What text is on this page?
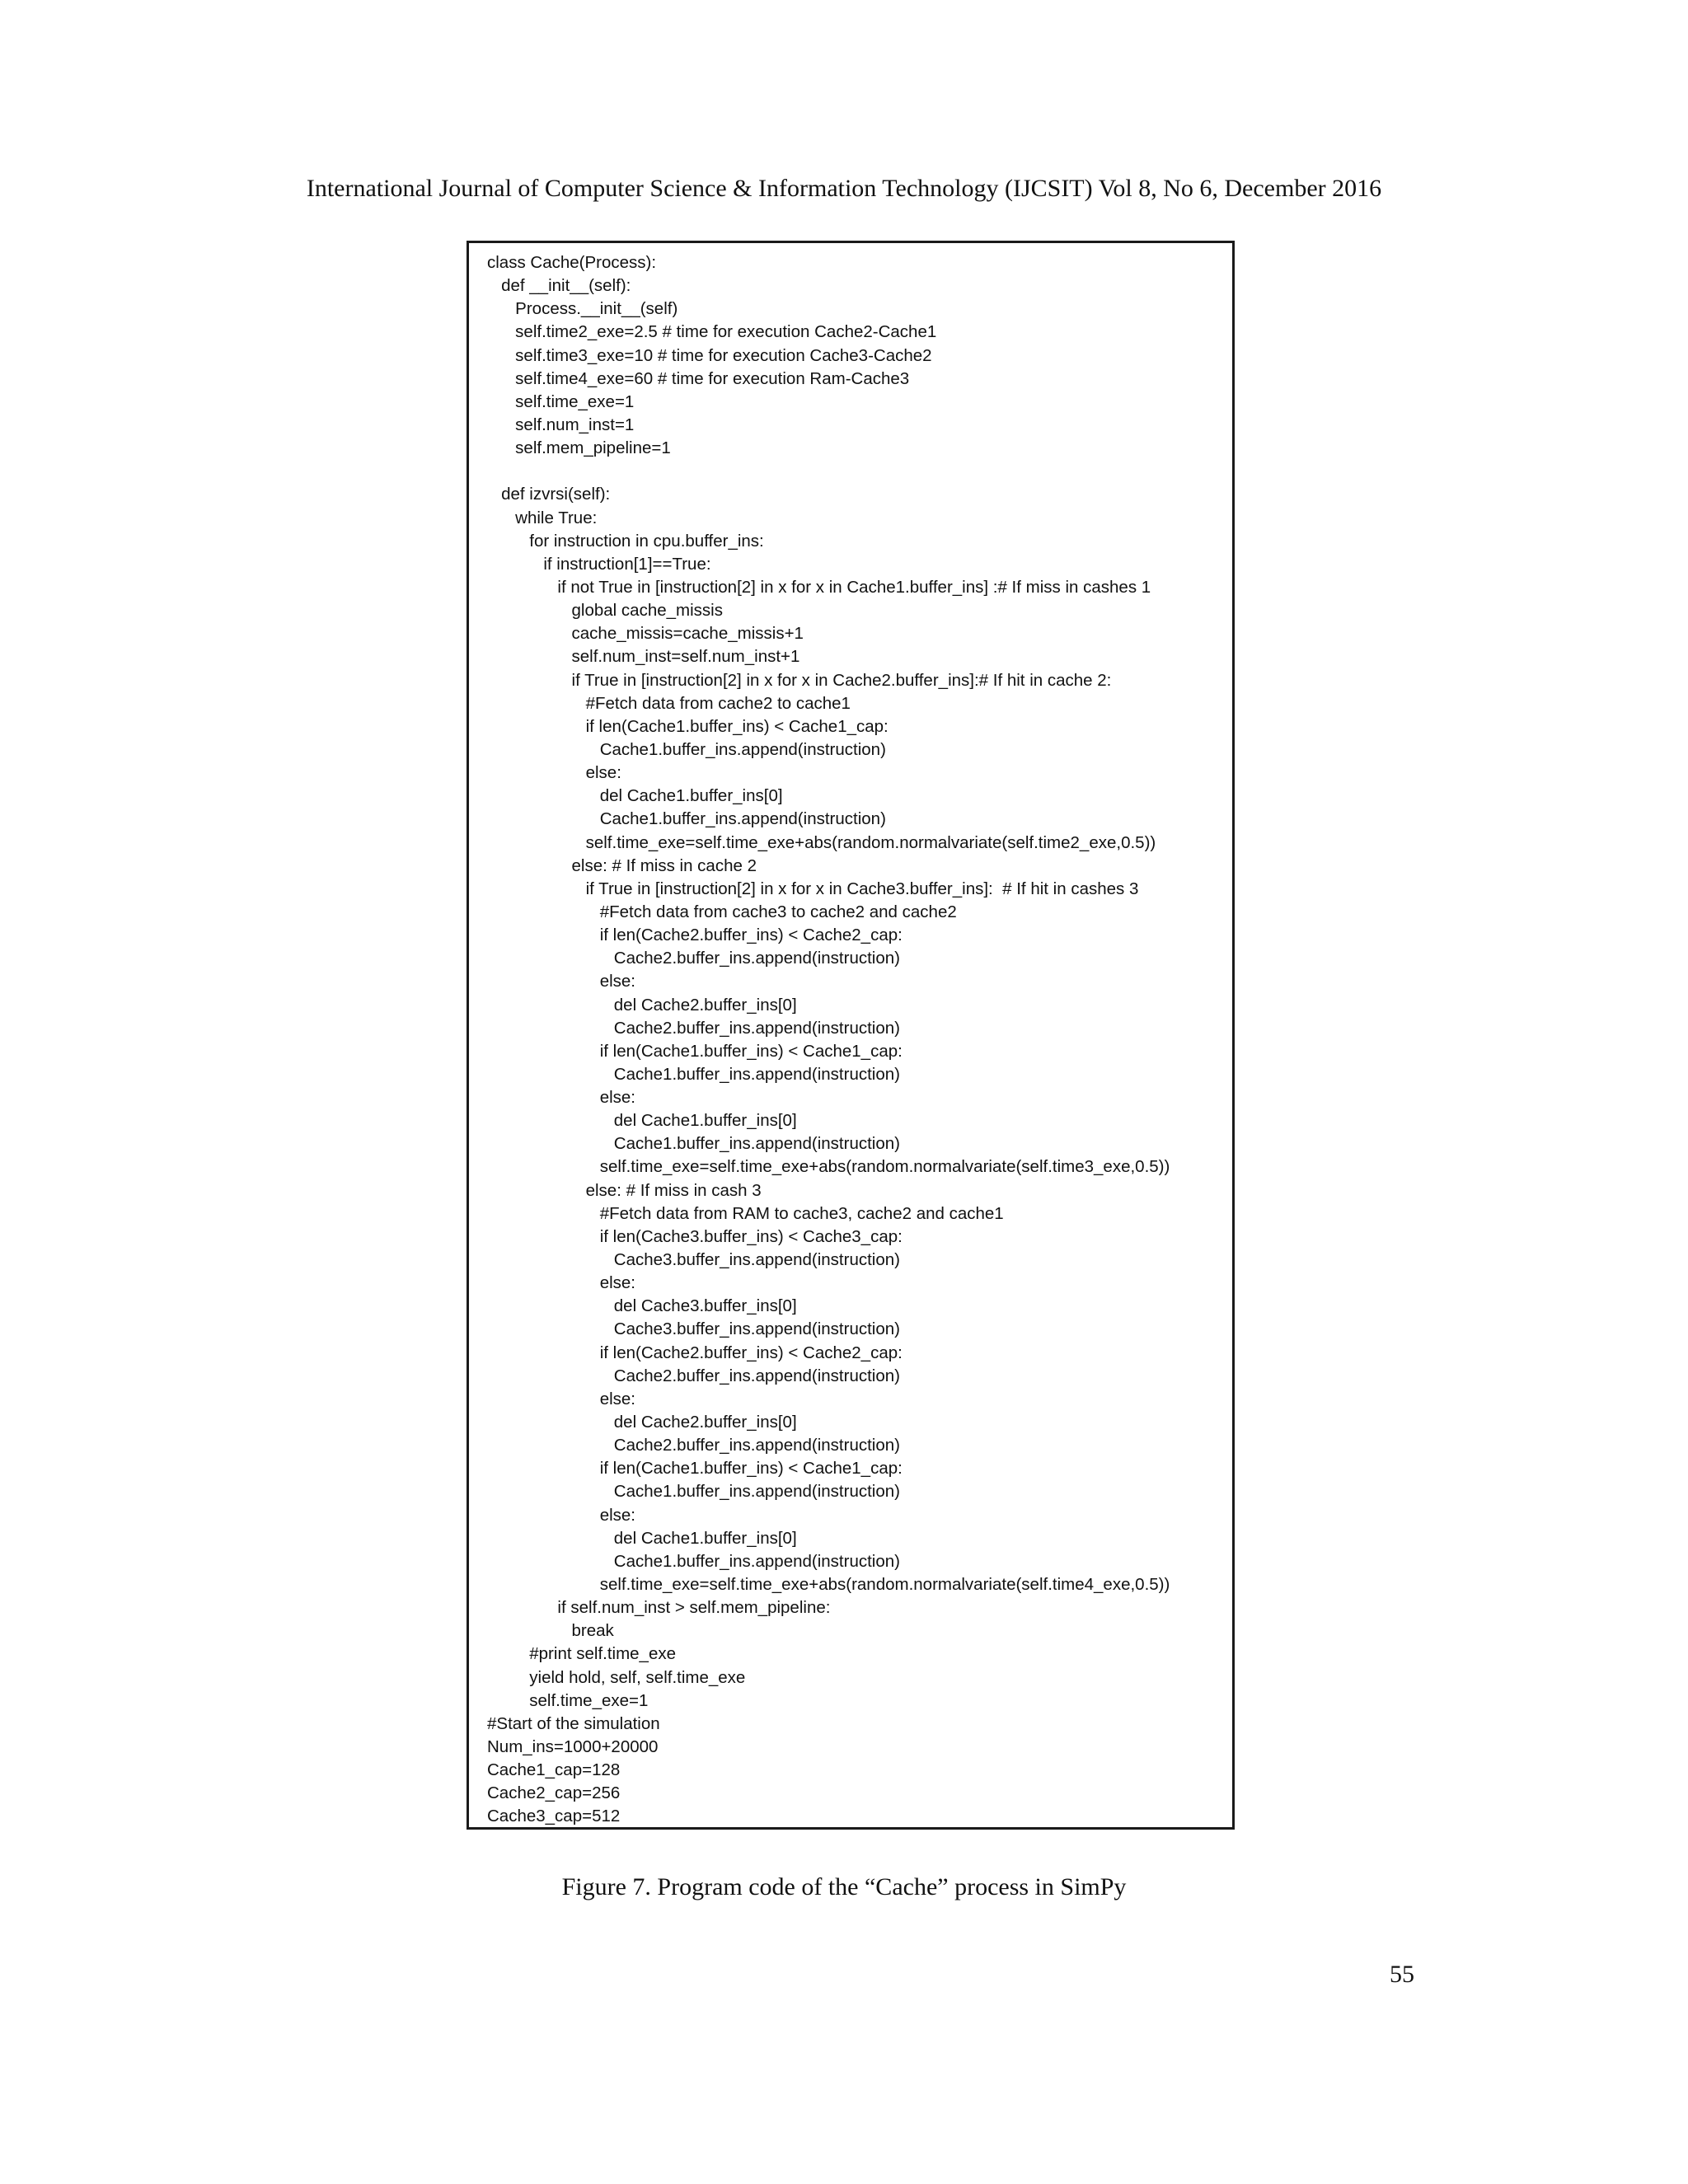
International Journal of Computer Science & Information Technology (IJCSIT) Vol 8, No 6, December 2016

class Cache(Process):
def __init__(self):
Process.__init__(self)
self.time2_exe=2.5 # time for execution Cache2-Cache1
self.time3_exe=10 # time for execution Cache3-Cache2
self.time4_exe=60 # time for execution Ram-Cache3
self.time_exe=1
self.num_inst=1
self.mem_pipeline=1
def izvrsi(self):
while True:
for instruction in cpu.buffer_ins:
if instruction[1]==True:
if not True in [instruction[2] in x for x in Cache1.buffer_ins] :# If miss in cashes 1
global cache_missis
cache_missis=cache_missis+1
self.num_inst=self.num_inst+1
if True in [instruction[2] in x for x in Cache2.buffer_ins]:# If hit in cache 2:
#Fetch data from cache2 to cache1
if len(Cache1.buffer_ins) < Cache1_cap:
Cache1.buffer_ins.append(instruction)
else:
del Cache1.buffer_ins[0]
Cache1.buffer_ins.append(instruction)
self.time_exe=self.time_exe+abs(random.normalvariate(self.time2_exe,0.5))
else: # If miss in cache 2
if True in [instruction[2] in x for x in Cache3.buffer_ins]:  # If hit in cashes 3
#Fetch data from cache3 to cache2 and cache2
if len(Cache2.buffer_ins) < Cache2_cap:
Cache2.buffer_ins.append(instruction)
else:
del Cache2.buffer_ins[0]
Cache2.buffer_ins.append(instruction)
if len(Cache1.buffer_ins) < Cache1_cap:
Cache1.buffer_ins.append(instruction)
else:
del Cache1.buffer_ins[0]
Cache1.buffer_ins.append(instruction)
self.time_exe=self.time_exe+abs(random.normalvariate(self.time3_exe,0.5))
else: # If miss in cash 3
#Fetch data from RAM to cache3, cache2 and cache1
if len(Cache3.buffer_ins) < Cache3_cap:
Cache3.buffer_ins.append(instruction)
else:
del Cache3.buffer_ins[0]
Cache3.buffer_ins.append(instruction)
if len(Cache2.buffer_ins) < Cache2_cap:
Cache2.buffer_ins.append(instruction)
else:
del Cache2.buffer_ins[0]
Cache2.buffer_ins.append(instruction)
if len(Cache1.buffer_ins) < Cache1_cap:
Cache1.buffer_ins.append(instruction)
else:
del Cache1.buffer_ins[0]
Cache1.buffer_ins.append(instruction)
self.time_exe=self.time_exe+abs(random.normalvariate(self.time4_exe,0.5))
if self.num_inst > self.mem_pipeline:
break
#print self.time_exe
yield hold, self, self.time_exe
self.time_exe=1
#Start of the simulation
Num_ins=1000+20000
Cache1_cap=128
Cache2_cap=256
Cache3_cap=512

Figure 7. Program code of the “Cache” process in SimPy

55
